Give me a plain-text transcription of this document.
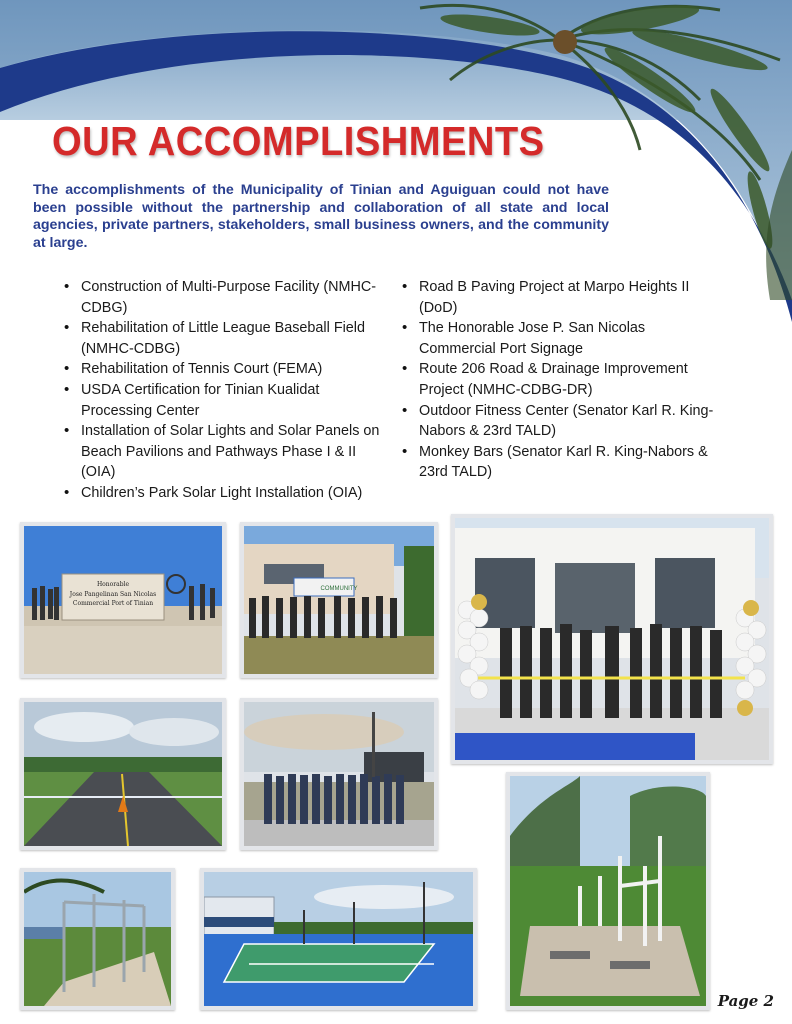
OUR ACCOMPLISHMENTS

The accomplishments of the Municipality of Tinian and Aguiguan could not have been possible without the partnership and collaboration of all state and local agencies, private partners, stakeholders, small business owners, and the community at large.

• Construction of Multi-Purpose Facility (NMHC-CDBG)
• Rehabilitation of Little League Baseball Field (NMHC-CDBG)
• Rehabilitation of Tennis Court (FEMA)
• USDA Certification for Tinian Kualidat Processing Center
• Installation of Solar Lights and Solar Panels on Beach Pavilions and Pathways Phase I & II (OIA)
• Children’s Park Solar Light Installation (OIA)
• Road B Paving Project at Marpo Heights II (DoD)
• The Honorable Jose P. San Nicolas Commercial Port Signage
• Route 206 Road & Drainage Improvement Project (NMHC-CDBG-DR)
• Outdoor Fitness Center (Senator Karl R. King-Nabors & 23rd TALD)
• Monkey Bars (Senator Karl R. King-Nabors & 23rd TALD)
Honorable
Jose Pangelinan San Nicolas
Commercial Port of Tinian
COMMUNITY
Page 2
